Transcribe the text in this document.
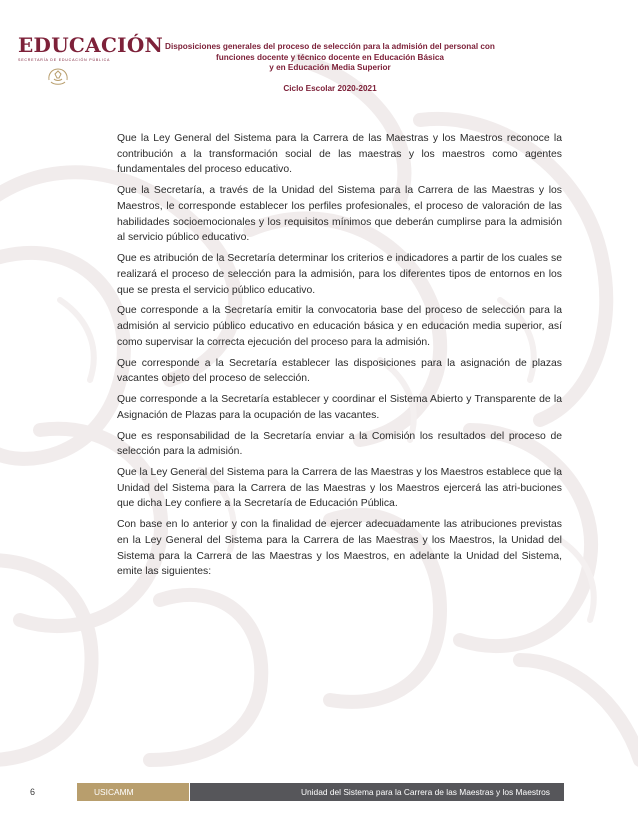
EDUCACIÓN
SECRETARÍA DE EDUCACIÓN PÚBLICA
Disposiciones generales del proceso de selección para la admisión del personal con
funciones docente y técnico docente en Educación Básica
y en Educación Media Superior
Ciclo Escolar 2020-2021

Que la Ley General del Sistema para la Carrera de las Maestras y los Maestros reconoce la contribución a la transformación social de las maestras y los maestros como agentes fundamentales del proceso educativo.

Que la Secretaría, a través de la Unidad del Sistema para la Carrera de las Maestras y los Maestros, le corresponde establecer los perfiles profesionales, el proceso de valoración de las habilidades socioemocionales y los requisitos mínimos que deberán cumplirse para la admisión al servicio público educativo.

Que es atribución de la Secretaría determinar los criterios e indicadores a partir de los cuales se realizará el proceso de selección para la admisión, para los diferentes tipos de entornos en los que se presta el servicio público educativo.

Que corresponde a la Secretaría emitir la convocatoria base del proceso de selección para la admisión al servicio público educativo en educación básica y en educación media superior, así como supervisar la correcta ejecución del proceso para la admisión.

Que corresponde a la Secretaría establecer las disposiciones para la asignación de plazas vacantes objeto del proceso de selección.

Que corresponde a la Secretaría establecer y coordinar el Sistema Abierto y Transparente de la Asignación de Plazas para la ocupación de las vacantes.

Que es responsabilidad de la Secretaría enviar a la Comisión los resultados del proceso de selección para la admisión.

Que la Ley General del Sistema para la Carrera de las Maestras y los Maestros establece que la Unidad del Sistema para la Carrera de las Maestras y los Maestros ejercerá las atri-buciones que dicha Ley confiere a la Secretaría de Educación Pública.

Con base en lo anterior y con la finalidad de ejercer adecuadamente las atribuciones previstas en la Ley General del Sistema para la Carrera de las Maestras y los Maestros, la Unidad del Sistema para la Carrera de las Maestras y los Maestros, en adelante la Unidad del Sistema, emite las siguientes:

6	USICAMM	Unidad del Sistema para la Carrera de las Maestras y los Maestros
